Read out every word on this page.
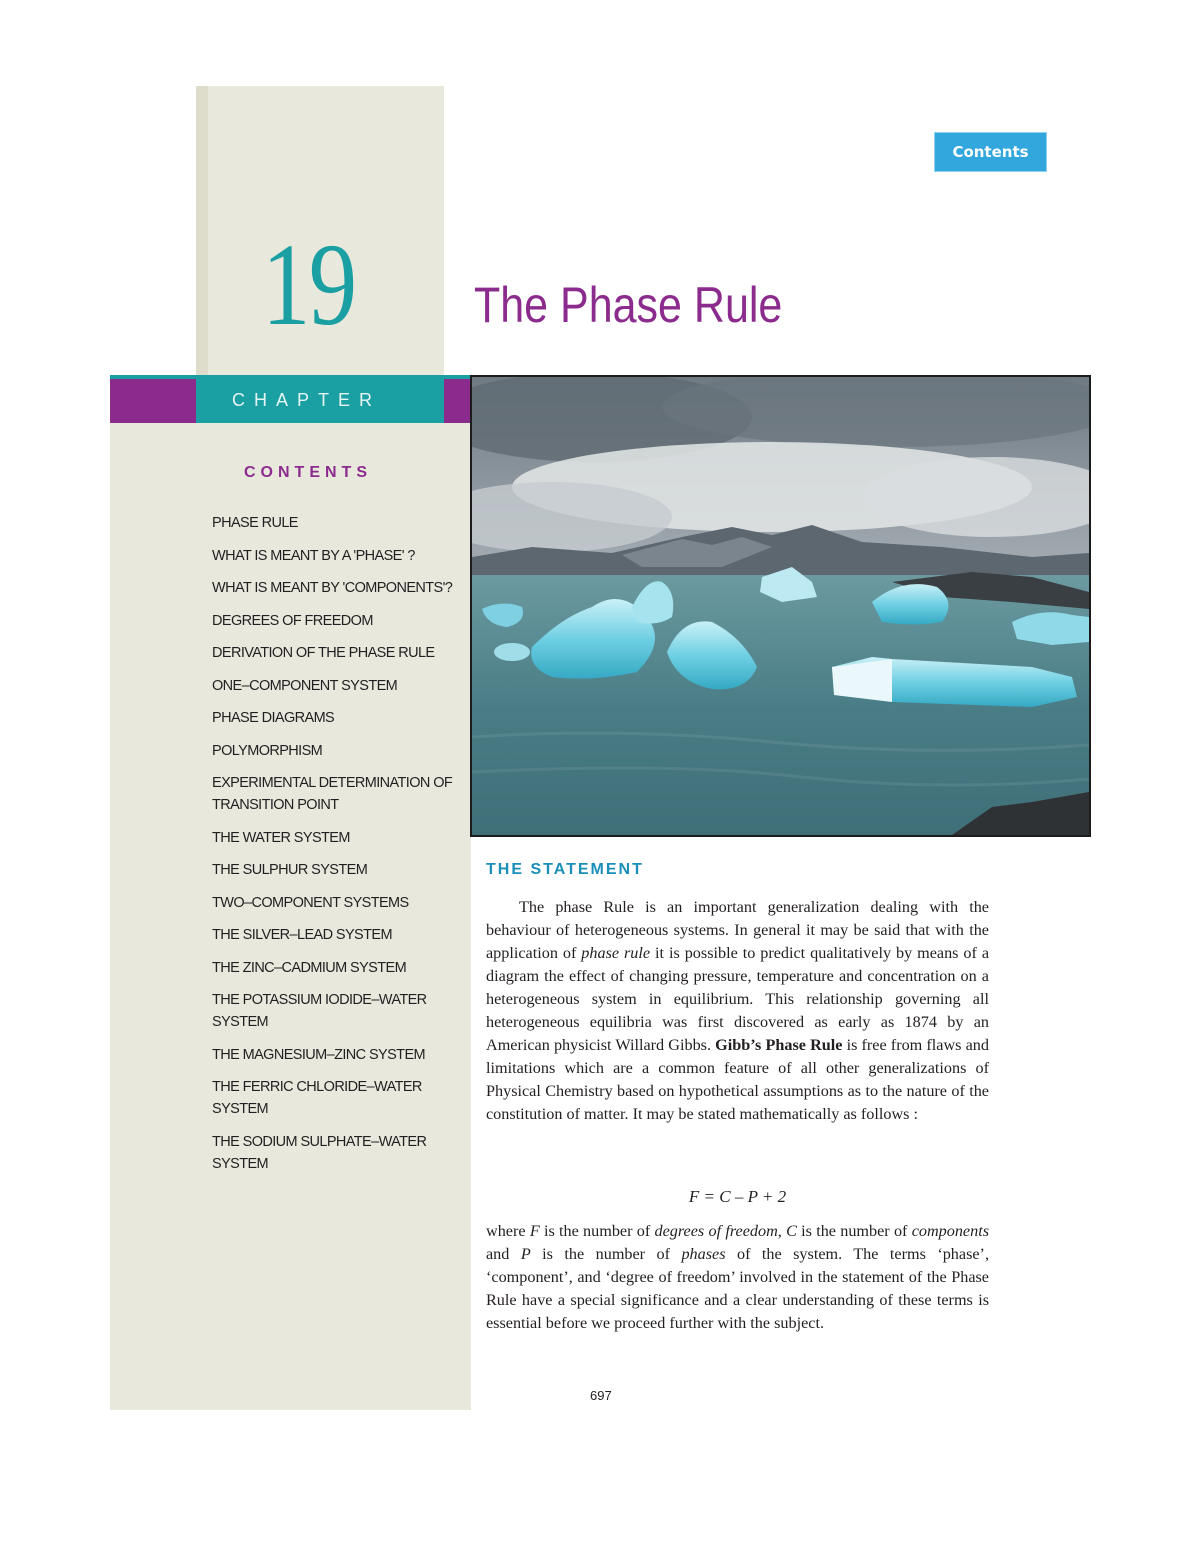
19 The Phase Rule
Contents
CHAPTER
CONTENTS
PHASE RULE
WHAT IS MEANT BY A 'PHASE' ?
WHAT IS MEANT BY 'COMPONENTS'?
DEGREES OF FREEDOM
DERIVATION OF THE PHASE RULE
ONE–COMPONENT SYSTEM
PHASE DIAGRAMS
POLYMORPHISM
EXPERIMENTAL DETERMINATION OF TRANSITION POINT
THE WATER SYSTEM
THE SULPHUR SYSTEM
TWO–COMPONENT SYSTEMS
THE SILVER–LEAD SYSTEM
THE ZINC–CADMIUM SYSTEM
THE POTASSIUM IODIDE–WATER SYSTEM
THE MAGNESIUM–ZINC SYSTEM
THE FERRIC CHLORIDE–WATER SYSTEM
THE SODIUM SULPHATE–WATER SYSTEM
THE STATEMENT

The phase Rule is an important generalization dealing with the behaviour of heterogeneous systems. In general it may be said that with the application of phase rule it is possible to predict qualitatively by means of a diagram the effect of changing pressure, temperature and concentration on a heterogeneous system in equilibrium. This relationship governing all heterogeneous equilibria was first discovered as early as 1874 by an American physicist Willard Gibbs. Gibb’s Phase Rule is free from flaws and limitations which are a common feature of all other generalizations of Physical Chemistry based on hypothetical assumptions as to the nature of the constitution of matter. It may be stated mathematically as follows :

F = C – P + 2

where F is the number of degrees of freedom, C is the number of components and P is the number of phases of the system. The terms ‘phase’, ‘component’, and ‘degree of freedom’ involved in the statement of the Phase Rule have a special significance and a clear understanding of these terms is essential before we proceed further with the subject.

697
